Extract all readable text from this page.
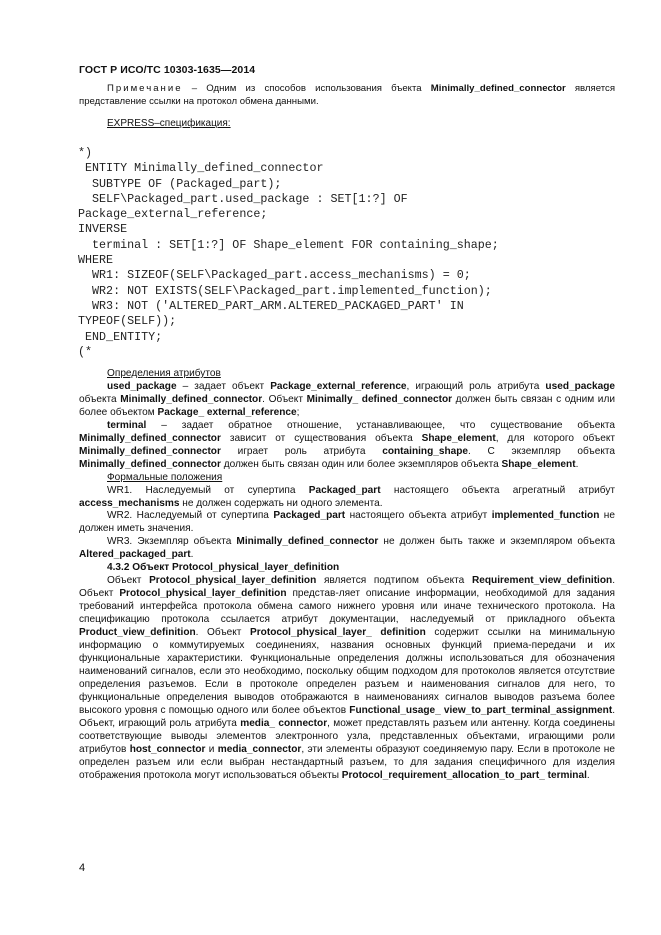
ГОСТ Р ИСО/ТС 10303-1635—2014
Примечание – Одним из способов использования бъекта Minimally_defined_connector является представление ссылки на протокол обмена данными.
EXPRESS–спецификация:
*)
ENTITY Minimally_defined_connector
SUBTYPE OF (Packaged_part);
SELF\Packaged_part.used_package : SET[1:?] OF
Package_external_reference;
INVERSE
terminal : SET[1:?] OF Shape_element FOR containing_shape;
WHERE
WR1: SIZEOF(SELF\Packaged_part.access_mechanisms) = 0;
WR2: NOT EXISTS(SELF\Packaged_part.implemented_function);
WR3: NOT ('ALTERED_PART_ARM.ALTERED_PACKAGED_PART' IN
TYPEOF(SELF));
END_ENTITY;
(*

Определения атрибутов

used_package – задает объект Package_external_reference, играющий роль атрибута used_package объекта Minimally_defined_connector. Объект Minimally_ defined_connector должен быть связан с одним или более объектом Package_ external_reference;

terminal – задает обратное отношение, устанавливающее, что существование объекта Minimally_defined_connector зависит от существования объекта Shape_element, для которого объект Minimally_defined_connector играет роль атрибута containing_shape. С экземпляр объекта Minimally_defined_connector должен быть связан один или более экземпляров объекта Shape_element.

Формальные положения

WR1. Наследуемый от супертипа Packaged_part настоящего объекта агрегатный атрибут access_mechanisms не должен содержать ни одного элемента.

WR2. Наследуемый от супертипа Packaged_part настоящего объекта атрибут implemented_function не должен иметь значения.

WR3. Экземпляр объекта Minimally_defined_connector не должен быть также и экземпляром объекта Altered_packaged_part.

4.3.2 Объект Protocol_physical_layer_definition

Объект Protocol_physical_layer_definition является подтипом объекта Requirement_view_definition. Объект Protocol_physical_layer_definition представ-ляет описание информации, необходимой для задания требований интерфейса протокола обмена самого нижнего уровня или иначе технического протокола. На спецификацию протокола ссылается атрибут документации, наследуемый от прикладного объекта Product_view_definition. Объект Protocol_physical_layer_ definition содержит ссылки на минимальную информацию о коммутируемых соединениях, названия основных функций приема-передачи и их функциональные характеристики. Функциональные определения должны использоваться для обозначения наименований сигналов, если это необходимо, поскольку общим подходом для протоколов является отсутствие определения разъемов. Если в протоколе определен разъем и наименования сигналов для него, то функциональные определения выводов отображаются в наименованиях сигналов выводов разъема более высокого уровня с помощью одного или более объектов Functional_usage_ view_to_part_terminal_assignment. Объект, играющий роль атрибута media_ connector, может представлять разъем или антенну. Когда соединены соответствующие выводы элементов электронного узла, представленных объектами, играющими роли атрибутов host_connector и media_connector, эти элементы образуют соединяемую пару. Если в протоколе не определен разъем или если выбран нестандартный разъем, то для задания специфичного для изделия отображения протокола могут использоваться объекты Protocol_requirement_allocation_to_part_ terminal.

4
